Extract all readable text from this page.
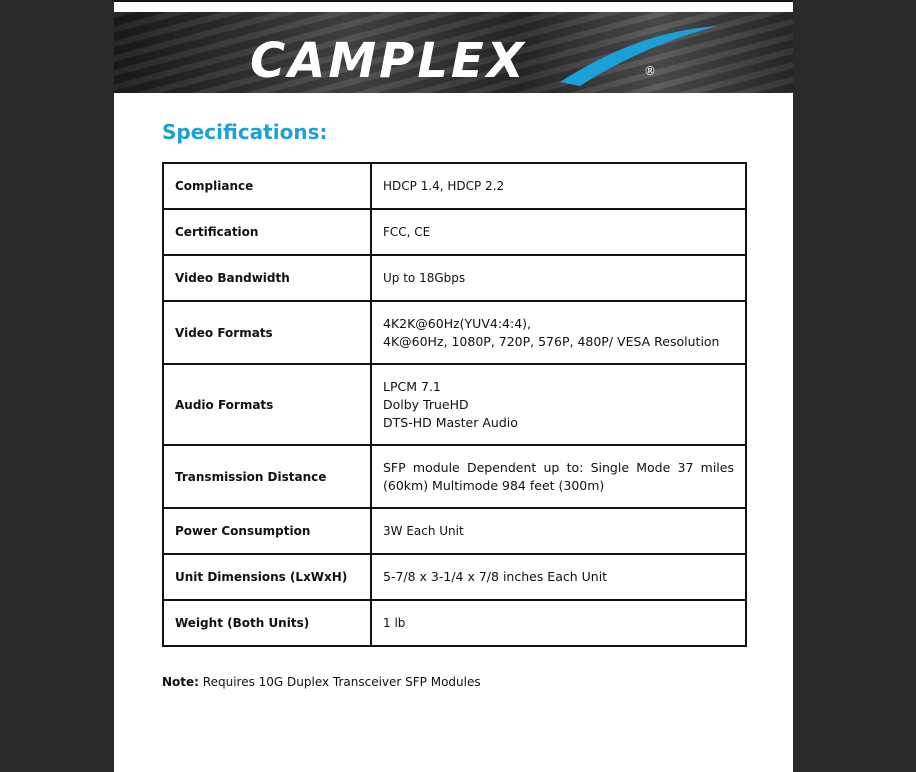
CAMPLEX	®
Specifications:
Compliance	HDCP 1.4, HDCP 2.2
Certification	FCC, CE
Video Bandwidth	Up to 18Gbps
Video Formats	4K2K@60Hz(YUV4:4:4),
4K@60Hz, 1080P, 720P, 576P, 480P/ VESA Resolution

Audio Formats	LPCM 7.1
Dolby TrueHD
DTS-HD Master Audio

Transmission Distance	SFP module Dependent up to: Single Mode 37 miles (60km) Multimode 984 feet (300m)
Power Consumption	3W Each Unit
Unit Dimensions (LxWxH)	5-7/8 x 3-1/4 x 7/8 inches Each Unit
Weight (Both Units)	1 lb
Note: Requires 10G Duplex Transceiver SFP Modules
